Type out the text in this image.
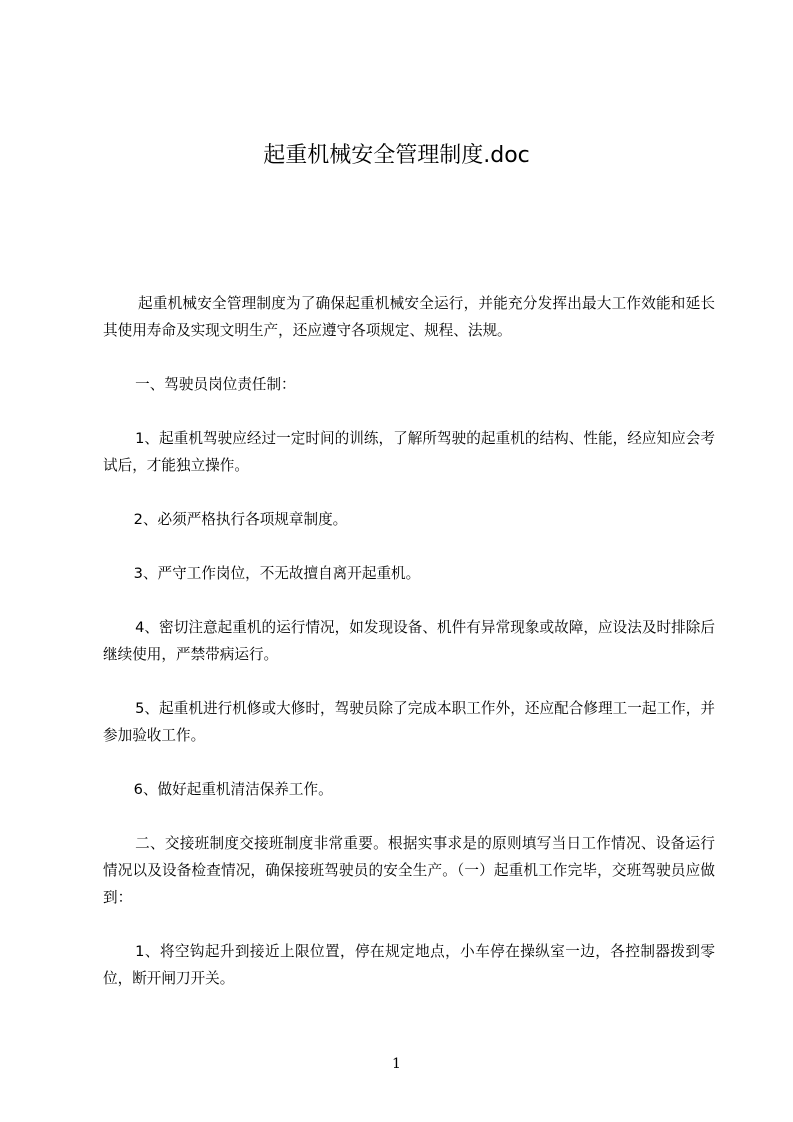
起重机械安全管理制度.doc

起重机械安全管理制度为了确保起重机械安全运行，并能充分发挥出最大工作效能和延长其使用寿命及实现文明生产，还应遵守各项规定、规程、法规。

一、驾驶员岗位责任制：

1、起重机驾驶应经过一定时间的训练，了解所驾驶的起重机的结构、性能，经应知应会考试后，才能独立操作。

2、必须严格执行各项规章制度。

3、严守工作岗位，不无故擅自离开起重机。

4、密切注意起重机的运行情况，如发现设备、机件有异常现象或故障，应设法及时排除后继续使用，严禁带病运行。

5、起重机进行机修或大修时，驾驶员除了完成本职工作外，还应配合修理工一起工作，并参加验收工作。

6、做好起重机清洁保养工作。

二、交接班制度交接班制度非常重要。根据实事求是的原则填写当日工作情况、设备运行情况以及设备检查情况，确保接班驾驶员的安全生产。（一）起重机工作完毕，交班驾驶员应做到：

1、将空钩起升到接近上限位置，停在规定地点，小车停在操纵室一边，各控制器拨到零位，断开闸刀开关。

1
